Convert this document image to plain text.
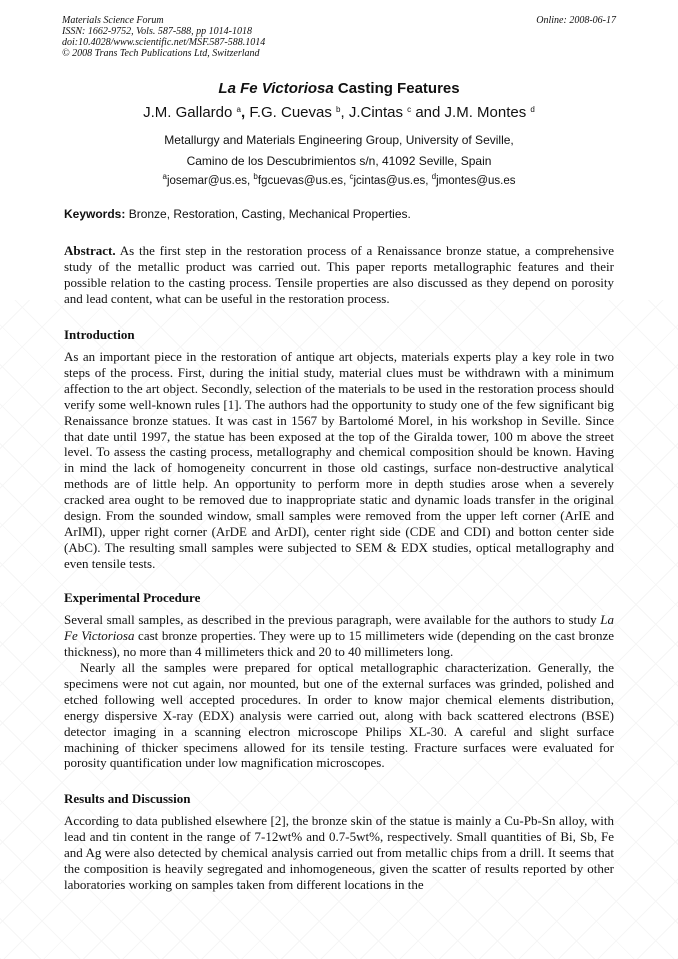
Materials Science Forum
ISSN: 1662-9752, Vols. 587-588, pp 1014-1018
doi:10.4028/www.scientific.net/MSF.587-588.1014
© 2008 Trans Tech Publications Ltd, Switzerland
Online: 2008-06-17
La Fe Victoriosa Casting Features
J.M. Gallardo $^a$, F.G. Cuevas $^b$, J.Cintas $^c$ and J.M. Montes $^d$
Metallurgy and Materials Engineering Group, University of Seville,
Camino de los Descubrimientos s/n, 41092 Seville, Spain
$^a$josemar@us.es, $^b$fgcuevas@us.es, $^c$jcintas@us.es, $^d$jmontes@us.es
Keywords: Bronze, Restoration, Casting, Mechanical Properties.

Abstract. As the first step in the restoration process of a Renaissance bronze statue, a comprehensive study of the metallic product was carried out. This paper reports metallographic features and their possible relation to the casting process. Tensile properties are also discussed as they depend on porosity and lead content, what can be useful in the restoration process.

Introduction

As an important piece in the restoration of antique art objects, materials experts play a key role in two steps of the process. First, during the initial study, material clues must be withdrawn with a minimum affection to the art object. Secondly, selection of the materials to be used in the restoration process should verify some well-known rules [1]. The authors had the opportunity to study one of the few significant big Renaissance bronze statues. It was cast in 1567 by Bartolomé Morel, in his workshop in Seville. Since that date until 1997, the statue has been exposed at the top of the Giralda tower, 100 m above the street level. To assess the casting process, metallography and chemical composition should be known. Having in mind the lack of homogeneity concurrent in those old castings, surface non-destructive analytical methods are of little help. An opportunity to perform more in depth studies arose when a severely cracked area ought to be removed due to inappropriate static and dynamic loads transfer in the original design. From the sounded window, small samples were removed from the upper left corner (ArIE and ArIMI), upper right corner (ArDE and ArDI), center right side (CDE and CDI) and botton center side (AbC). The resulting small samples were subjected to SEM & EDX studies, optical metallography and even tensile tests.

Experimental Procedure

Several small samples, as described in the previous paragraph, were available for the authors to study La Fe Victoriosa cast bronze properties. They were up to 15 millimeters wide (depending on the cast bronze thickness), no more than 4 millimeters thick and 20 to 40 millimeters long.

Nearly all the samples were prepared for optical metallographic characterization. Generally, the specimens were not cut again, nor mounted, but one of the external surfaces was grinded, polished and etched following well accepted procedures. In order to know major chemical elements distribution, energy dispersive X-ray (EDX) analysis were carried out, along with back scattered electrons (BSE) detector imaging in a scanning electron microscope Philips XL-30. A careful and slight surface machining of thicker specimens allowed for its tensile testing. Fracture surfaces were evaluated for porosity quantification under low magnification microscopes.

Results and Discussion

According to data published elsewhere [2], the bronze skin of the statue is mainly a Cu-Pb-Sn alloy, with lead and tin content in the range of 7-12wt% and 0.7-5wt%, respectively. Small quantities of Bi, Sb, Fe and Ag were also detected by chemical analysis carried out from metallic chips from a drill. It seems that the composition is heavily segregated and inhomogeneous, given the scatter of results reported by other laboratories working on samples taken from different locations in the
